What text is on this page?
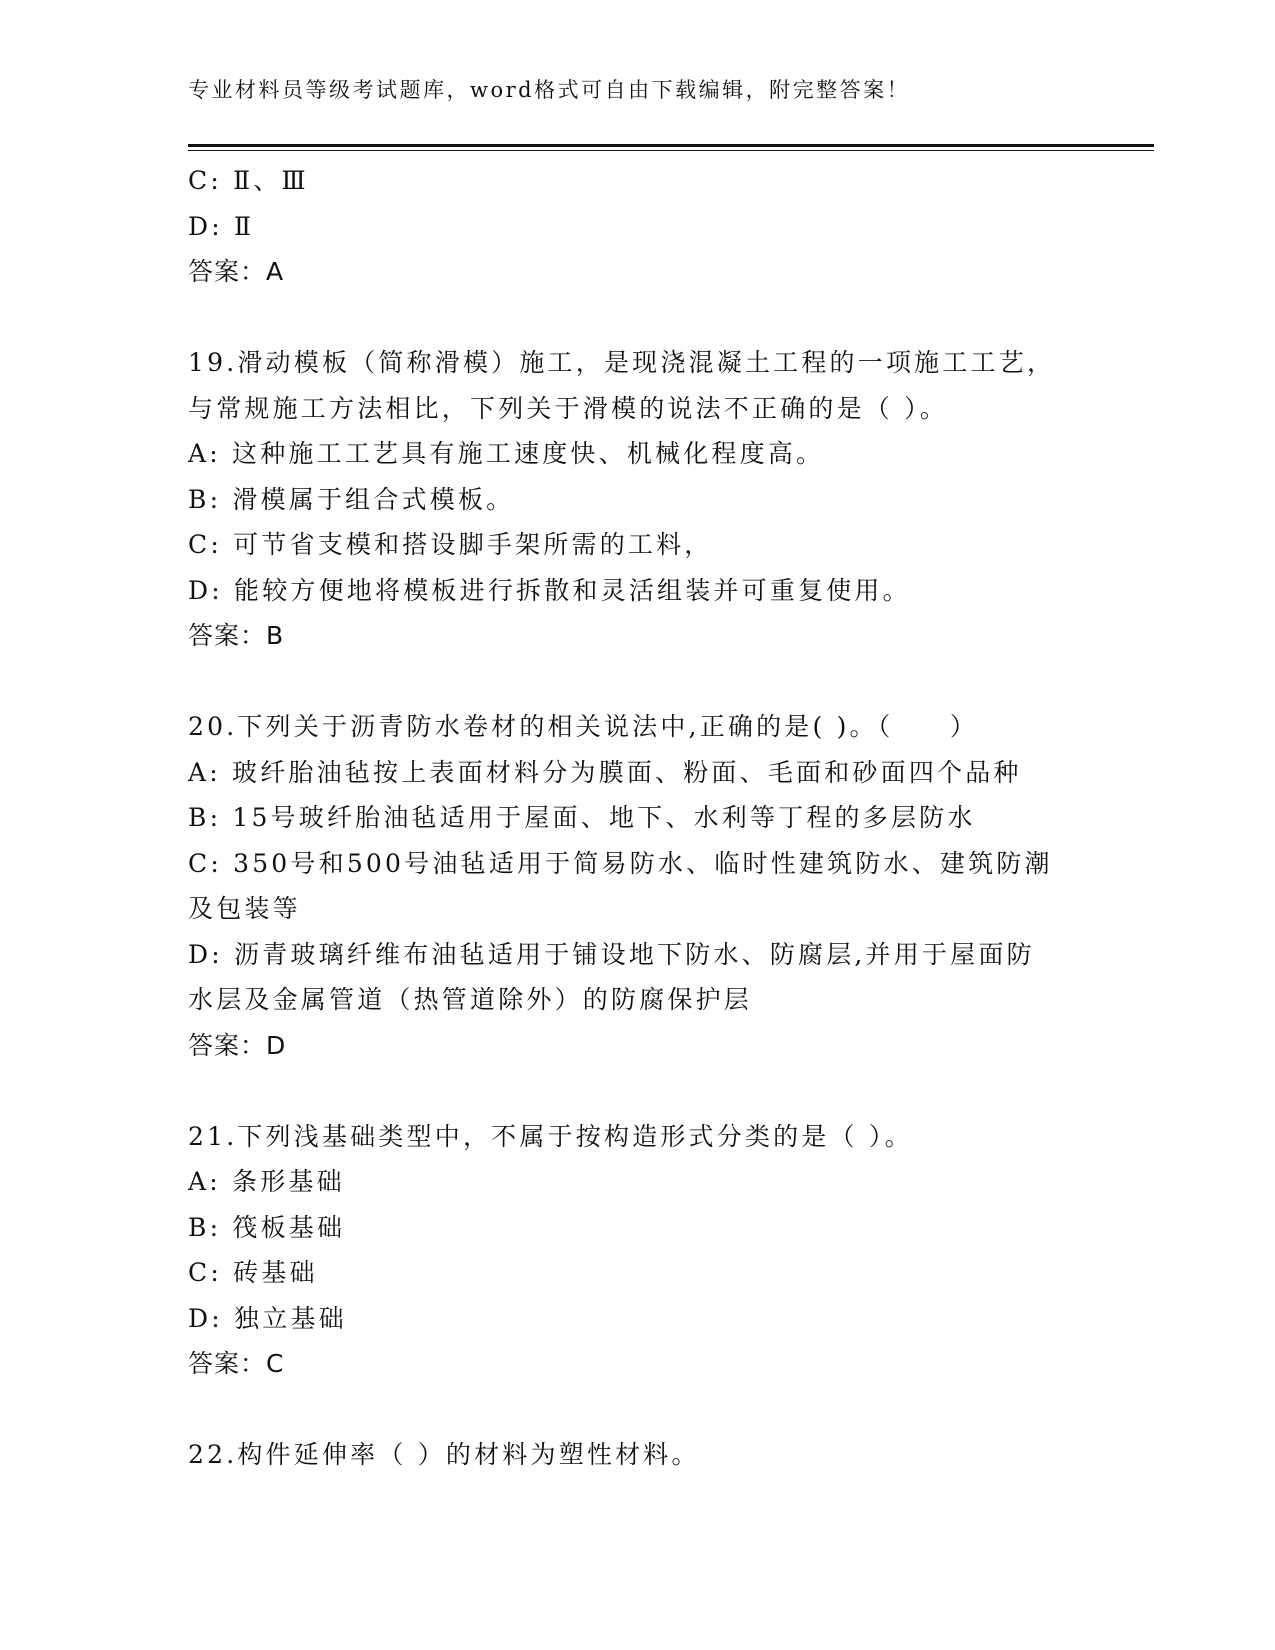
专业材料员等级考试题库，word格式可自由下载编辑，附完整答案！
C: Ⅱ、Ⅲ
D: Ⅱ
答案：A
19.滑动模板（简称滑模）施工，是现浇混凝土工程的一项施工工艺，
与常规施工方法相比，下列关于滑模的说法不正确的是（ ）。
A: 这种施工工艺具有施工速度快、机械化程度高。
B: 滑模属于组合式模板。
C: 可节省支模和搭设脚手架所需的工料，
D: 能较方便地将模板进行拆散和灵活组装并可重复使用。
答案：B
20.下列关于沥青防水卷材的相关说法中,正确的是( )。（　　）
A: 玻纤胎油毡按上表面材料分为膜面、粉面、毛面和砂面四个品种
B: 15号玻纤胎油毡适用于屋面、地下、水利等丁程的多层防水
C: 350号和500号油毡适用于简易防水、临时性建筑防水、建筑防潮
及包装等
D: 沥青玻璃纤维布油毡适用于铺设地下防水、防腐层,并用于屋面防
水层及金属管道（热管道除外）的防腐保护层
答案：D
21.下列浅基础类型中，不属于按构造形式分类的是（ ）。
A: 条形基础
B: 筏板基础
C: 砖基础
D: 独立基础
答案：C
22.构件延伸率（ ）的材料为塑性材料。
